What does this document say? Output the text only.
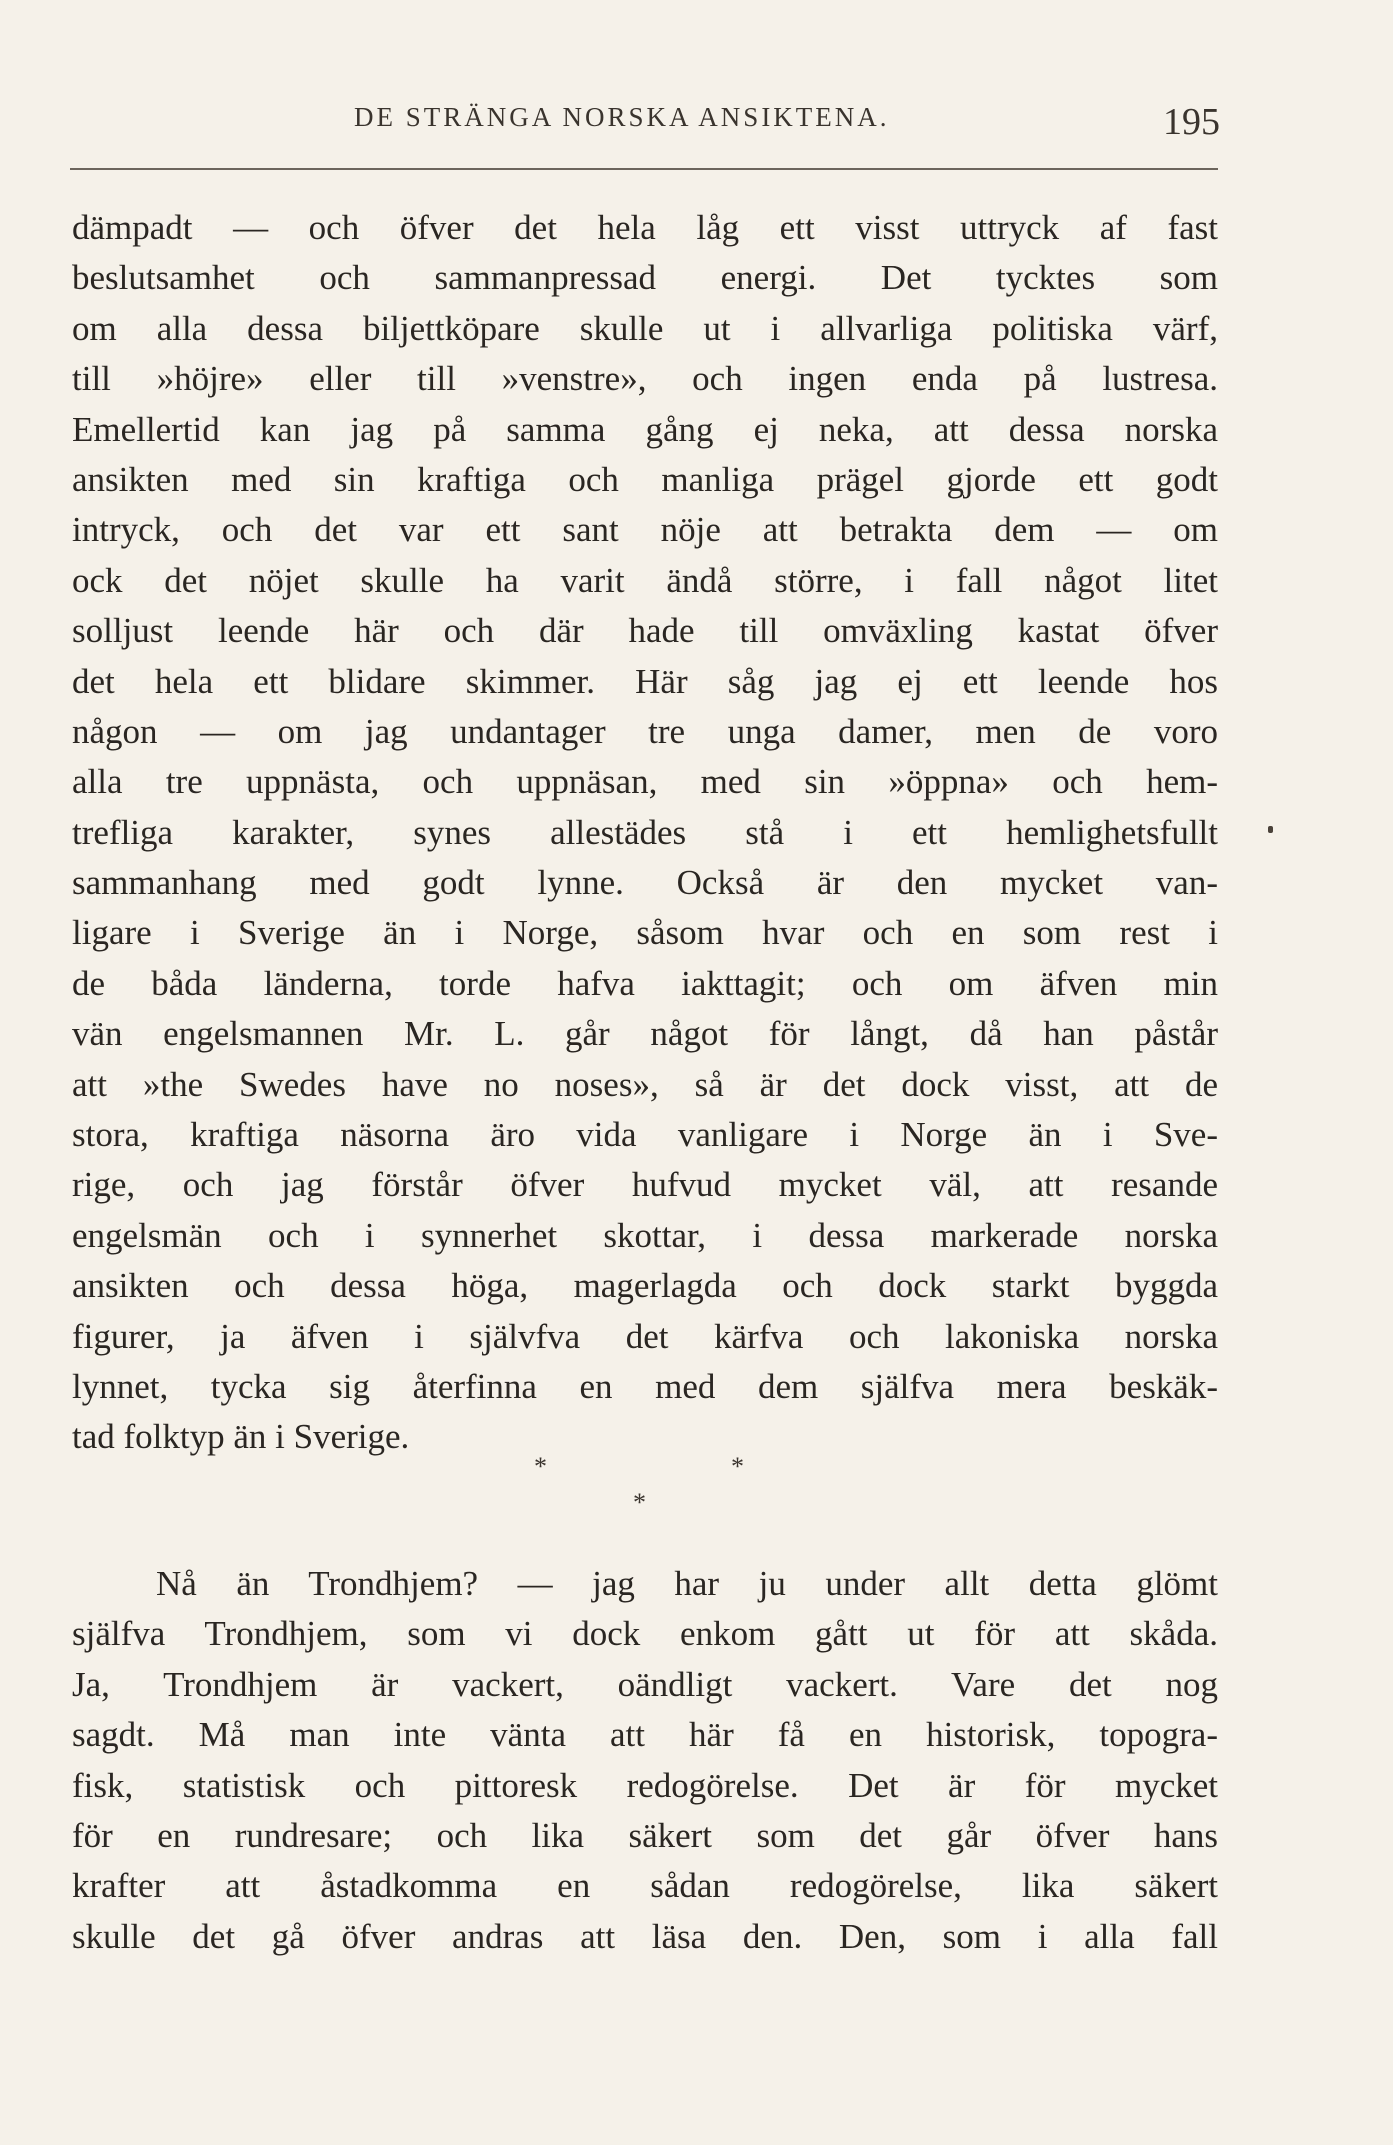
DE STRÄNGA NORSKA ANSIKTENA.	195
dämpadt — och öfver det hela låg ett visst uttryck af fast
beslutsamhet och sammanpressad energi. Det tycktes som
om alla dessa biljettköpare skulle ut i allvarliga politiska värf,
till »höjre» eller till »venstre», och ingen enda på lustresa.
Emellertid kan jag på samma gång ej neka, att dessa norska
ansikten med sin kraftiga och manliga prägel gjorde ett godt
intryck, och det var ett sant nöje att betrakta dem — om
ock det nöjet skulle ha varit ändå större, i fall något litet
solljust leende här och där hade till omväxling kastat öfver
det hela ett blidare skimmer. Här såg jag ej ett leende hos
någon — om jag undantager tre unga damer, men de voro
alla tre uppnästa, och uppnäsan, med sin »öppna» och hem-
trefliga karakter, synes allestädes stå i ett hemlighetsfullt
sammanhang med godt lynne. Också är den mycket van-
ligare i Sverige än i Norge, såsom hvar och en som rest i
de båda länderna, torde hafva iakttagit; och om äfven min
vän engelsmannen Mr. L. går något för långt, då han påstår
att »the Swedes have no noses», så är det dock visst, att de
stora, kraftiga näsorna äro vida vanligare i Norge än i Sve-
rige, och jag förstår öfver hufvud mycket väl, att resande
engelsmän och i synnerhet skottar, i dessa markerade norska
ansikten och dessa höga, magerlagda och dock starkt byggda
figurer, ja äfven i självfva det kärfva och lakoniska norska
lynnet, tycka sig återfinna en med dem själfva mera beskäk-
tad folktyp än i Sverige.
*	*
*
Nå än Trondhjem? — jag har ju under allt detta glömt
själfva Trondhjem, som vi dock enkom gått ut för att skåda.
Ja, Trondhjem är vackert, oändligt vackert. Vare det nog
sagdt. Må man inte vänta att här få en historisk, topogra-
fisk, statistisk och pittoresk redogörelse. Det är för mycket
för en rundresare; och lika säkert som det går öfver hans
krafter att åstadkomma en sådan redogörelse, lika säkert
skulle det gå öfver andras att läsa den. Den, som i alla fall
